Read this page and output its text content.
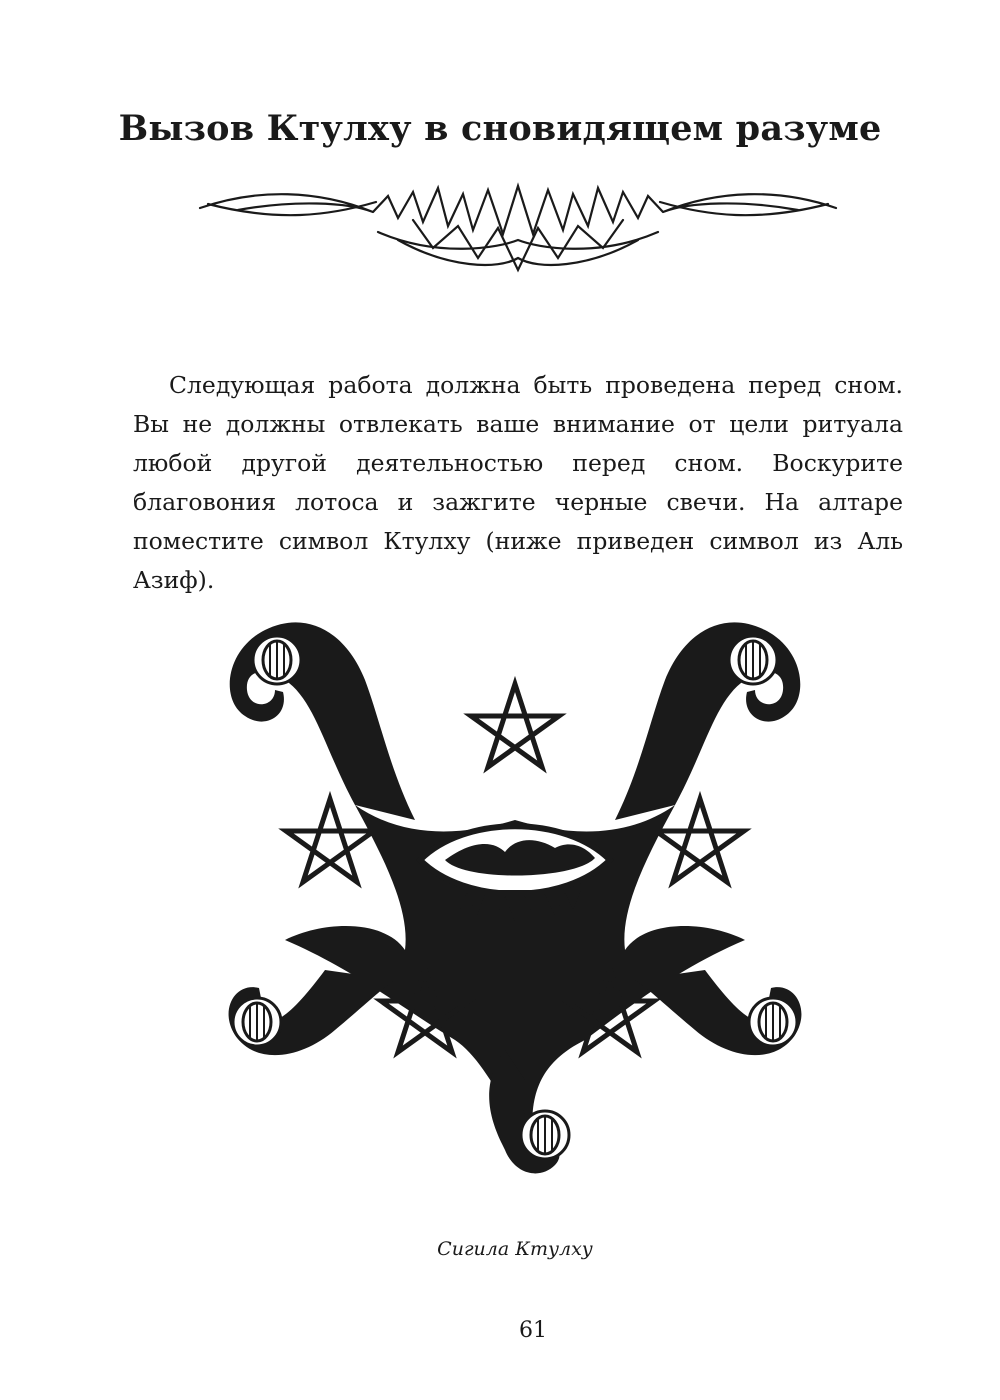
Вызов Ктулху в сновидящем разуме

Следующая работа должна быть проведена перед сном. Вы не должны отвлекать ваше внимание от цели ритуала любой другой деятельностью перед сном. Воскурите благовония лотоса и зажгите черные свечи. На алтаре поместите символ Ктулху (ниже приведен символ из Аль Азиф).

Сигила Ктулху

61
